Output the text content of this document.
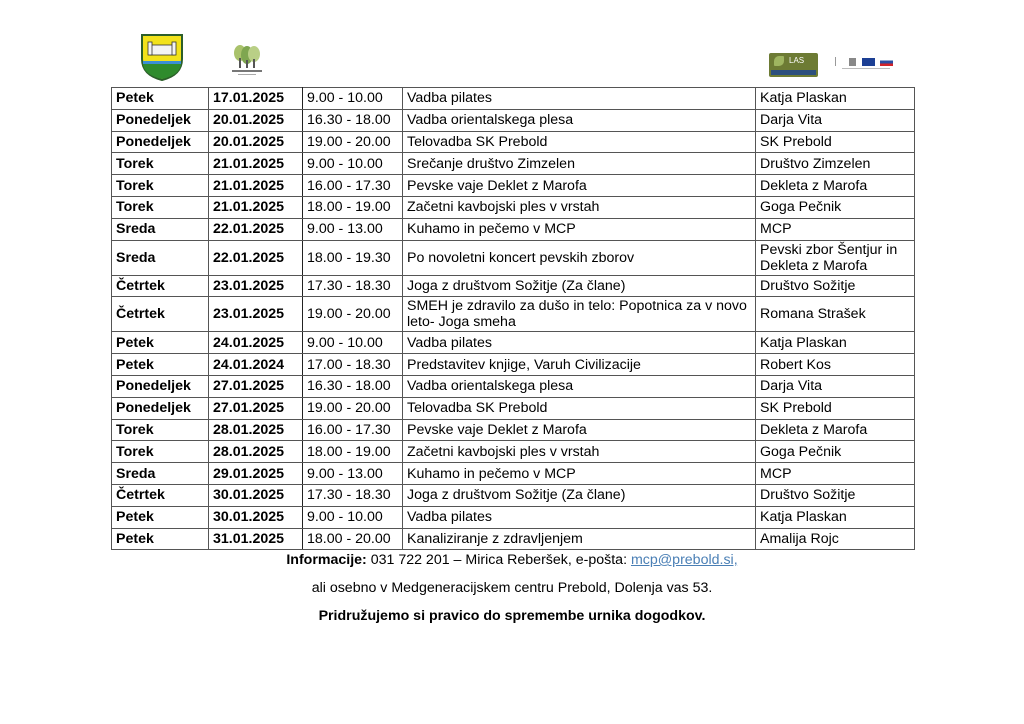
LAS
Petek	17.01.2025	9.00 - 10.00	Vadba pilates	Katja Plaskan
Ponedeljek	20.01.2025	16.30 - 18.00	Vadba orientalskega plesa	Darja Vita
Ponedeljek	20.01.2025	19.00 - 20.00	Telovadba SK Prebold	SK Prebold
Torek	21.01.2025	9.00 - 10.00	Srečanje društvo Zimzelen	Društvo Zimzelen
Torek	21.01.2025	16.00 - 17.30	Pevske vaje Deklet z Marofa	Dekleta z Marofa
Torek	21.01.2025	18.00 - 19.00	Začetni kavbojski ples v vrstah	Goga Pečnik
Sreda	22.01.2025	9.00 - 13.00	Kuhamo in pečemo v MCP	MCP
Sreda	22.01.2025	18.00 - 19.30	Po novoletni koncert pevskih zborov	Pevski zbor Šentjur in Dekleta z Marofa
Četrtek	23.01.2025	17.30 - 18.30	Joga z društvom Sožitje (Za člane)	Društvo Sožitje
Četrtek	23.01.2025	19.00 - 20.00	SMEH je zdravilo za dušo in telo: Popotnica za v novo leto- Joga smeha	Romana Strašek
Petek	24.01.2025	9.00 - 10.00	Vadba pilates	Katja Plaskan
Petek	24.01.2024	17.00 - 18.30	Predstavitev knjige, Varuh Civilizacije	Robert Kos
Ponedeljek	27.01.2025	16.30 - 18.00	Vadba orientalskega plesa	Darja Vita
Ponedeljek	27.01.2025	19.00 - 20.00	Telovadba SK Prebold	SK Prebold
Torek	28.01.2025	16.00 - 17.30	Pevske vaje Deklet z Marofa	Dekleta z Marofa
Torek	28.01.2025	18.00 - 19.00	Začetni kavbojski ples v vrstah	Goga Pečnik
Sreda	29.01.2025	9.00 - 13.00	Kuhamo in pečemo v MCP	MCP
Četrtek	30.01.2025	17.30 - 18.30	Joga z društvom Sožitje (Za člane)	Društvo Sožitje
Petek	30.01.2025	9.00 - 10.00	Vadba pilates	Katja Plaskan
Petek	31.01.2025	18.00 - 20.00	Kanaliziranje z zdravljenjem	Amalija Rojc
Informacije: 031 722 201 – Mirica Reberšek, e-pošta: mcp@prebold.si,
ali osebno v Medgeneracijskem centru Prebold, Dolenja vas 53.
Pridružujemo si pravico do spremembe urnika dogodkov.
